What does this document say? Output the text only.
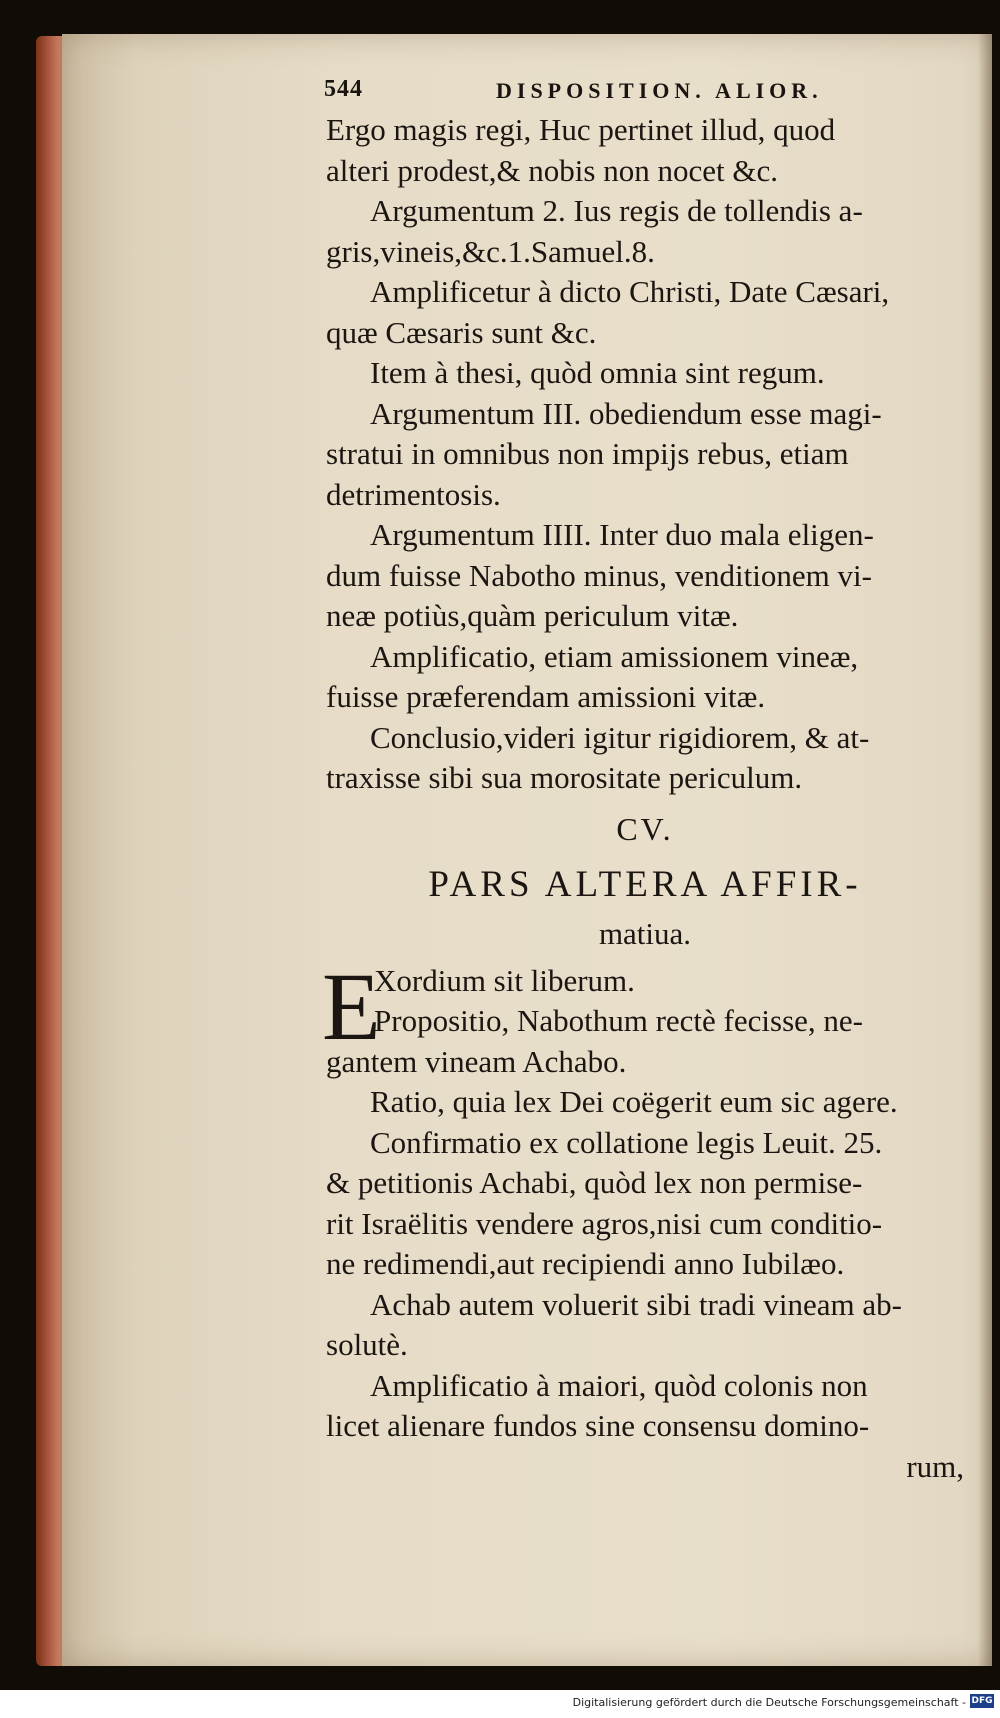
544	DISPOSITION. ALIOR.
Ergo magis regi, Huc pertinet illud, quod
alteri prodest,& nobis non nocet &c.
Argumentum 2. Ius regis de tollendis a-
gris,vineis,&c.1.Samuel.8.
Amplificetur à dicto Christi, Date Cæsari,
quæ Cæsaris sunt &c.
Item à thesi, quòd omnia sint regum.
Argumentum III. obediendum esse magi-
stratui in omnibus non impijs rebus, etiam
detrimentosis.
Argumentum IIII. Inter duo mala eligen-
dum fuisse Nabotho minus, venditionem vi-
neæ potiùs,quàm periculum vitæ.
Amplificatio, etiam amissionem vineæ,
fuisse præferendam amissioni vitæ.
Conclusio,videri igitur rigidiorem, & at-
traxisse sibi sua morositate periculum.
CV.
PARS ALTERA AFFIR-
matiua.
E
Xordium sit liberum.
Propositio, Nabothum rectè fecisse, ne-
gantem vineam Achabo.
Ratio, quia lex Dei coëgerit eum sic agere.
Confirmatio ex collatione legis Leuit. 25.
& petitionis Achabi, quòd lex non permise-
rit Israëlitis vendere agros,nisi cum conditio-
ne redimendi,aut recipiendi anno Iubilæo.
Achab autem voluerit sibi tradi vineam ab-
solutè.
Amplificatio à maiori, quòd colonis non
licet alienare fundos sine consensu domino-
rum,
Digitalisierung gefördert durch die Deutsche Forschungsgemeinschaft - DFG
